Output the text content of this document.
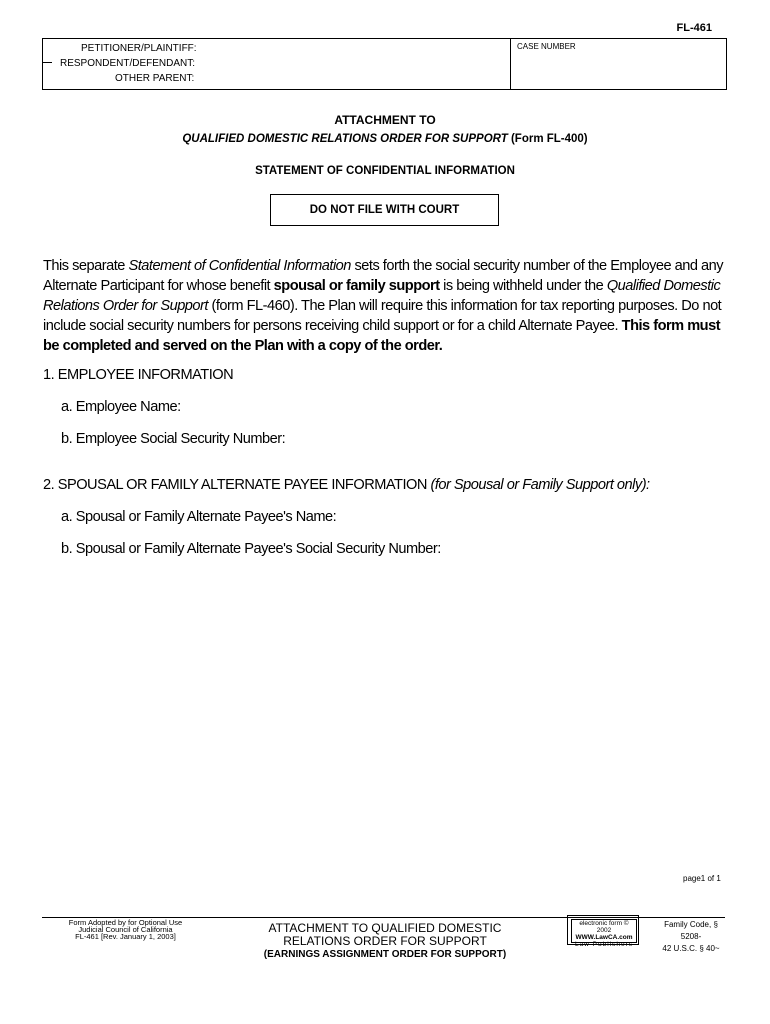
FL-461
PETITIONER/PLAINTIFF:
RESPONDENT/DEFENDANT:
OTHER PARENT:
CASE NUMBER
ATTACHMENT TO
QUALIFIED DOMESTIC RELATIONS ORDER FOR SUPPORT (Form FL-400)
STATEMENT OF CONFIDENTIAL INFORMATION
DO NOT FILE WITH COURT
This separate Statement of Confidential Information sets forth the social security number of the Employee and any Alternate Participant for whose benefit spousal or family support is being withheld under the Qualified Domestic Relations Order for Support (form FL-460). The Plan will require this information for tax reporting purposes. Do not include social security numbers for persons receiving child support or for a child Alternate Payee. This form must be completed and served on the Plan with a copy of the order.
1. EMPLOYEE INFORMATION
a. Employee Name:
b. Employee Social Security Number:
2. SPOUSAL OR FAMILY ALTERNATE PAYEE INFORMATION (for Spousal or Family Support only):
a. Spousal or Family Alternate Payee's Name:
b. Spousal or Family Alternate Payee's Social Security Number:
page1 of 1
Form Adopted by for Optional Use
Judicial Council of California
FL-461 [Rev. January 1, 2003]
ATTACHMENT TO QUALIFIED DOMESTIC
RELATIONS ORDER FOR SUPPORT
(EARNINGS ASSIGNMENT ORDER FOR SUPPORT)
electronic form © 2002
WWW.LawCA.com
Law Publishers
Family Code, § 5208-
42 U.S.C. § 40~
